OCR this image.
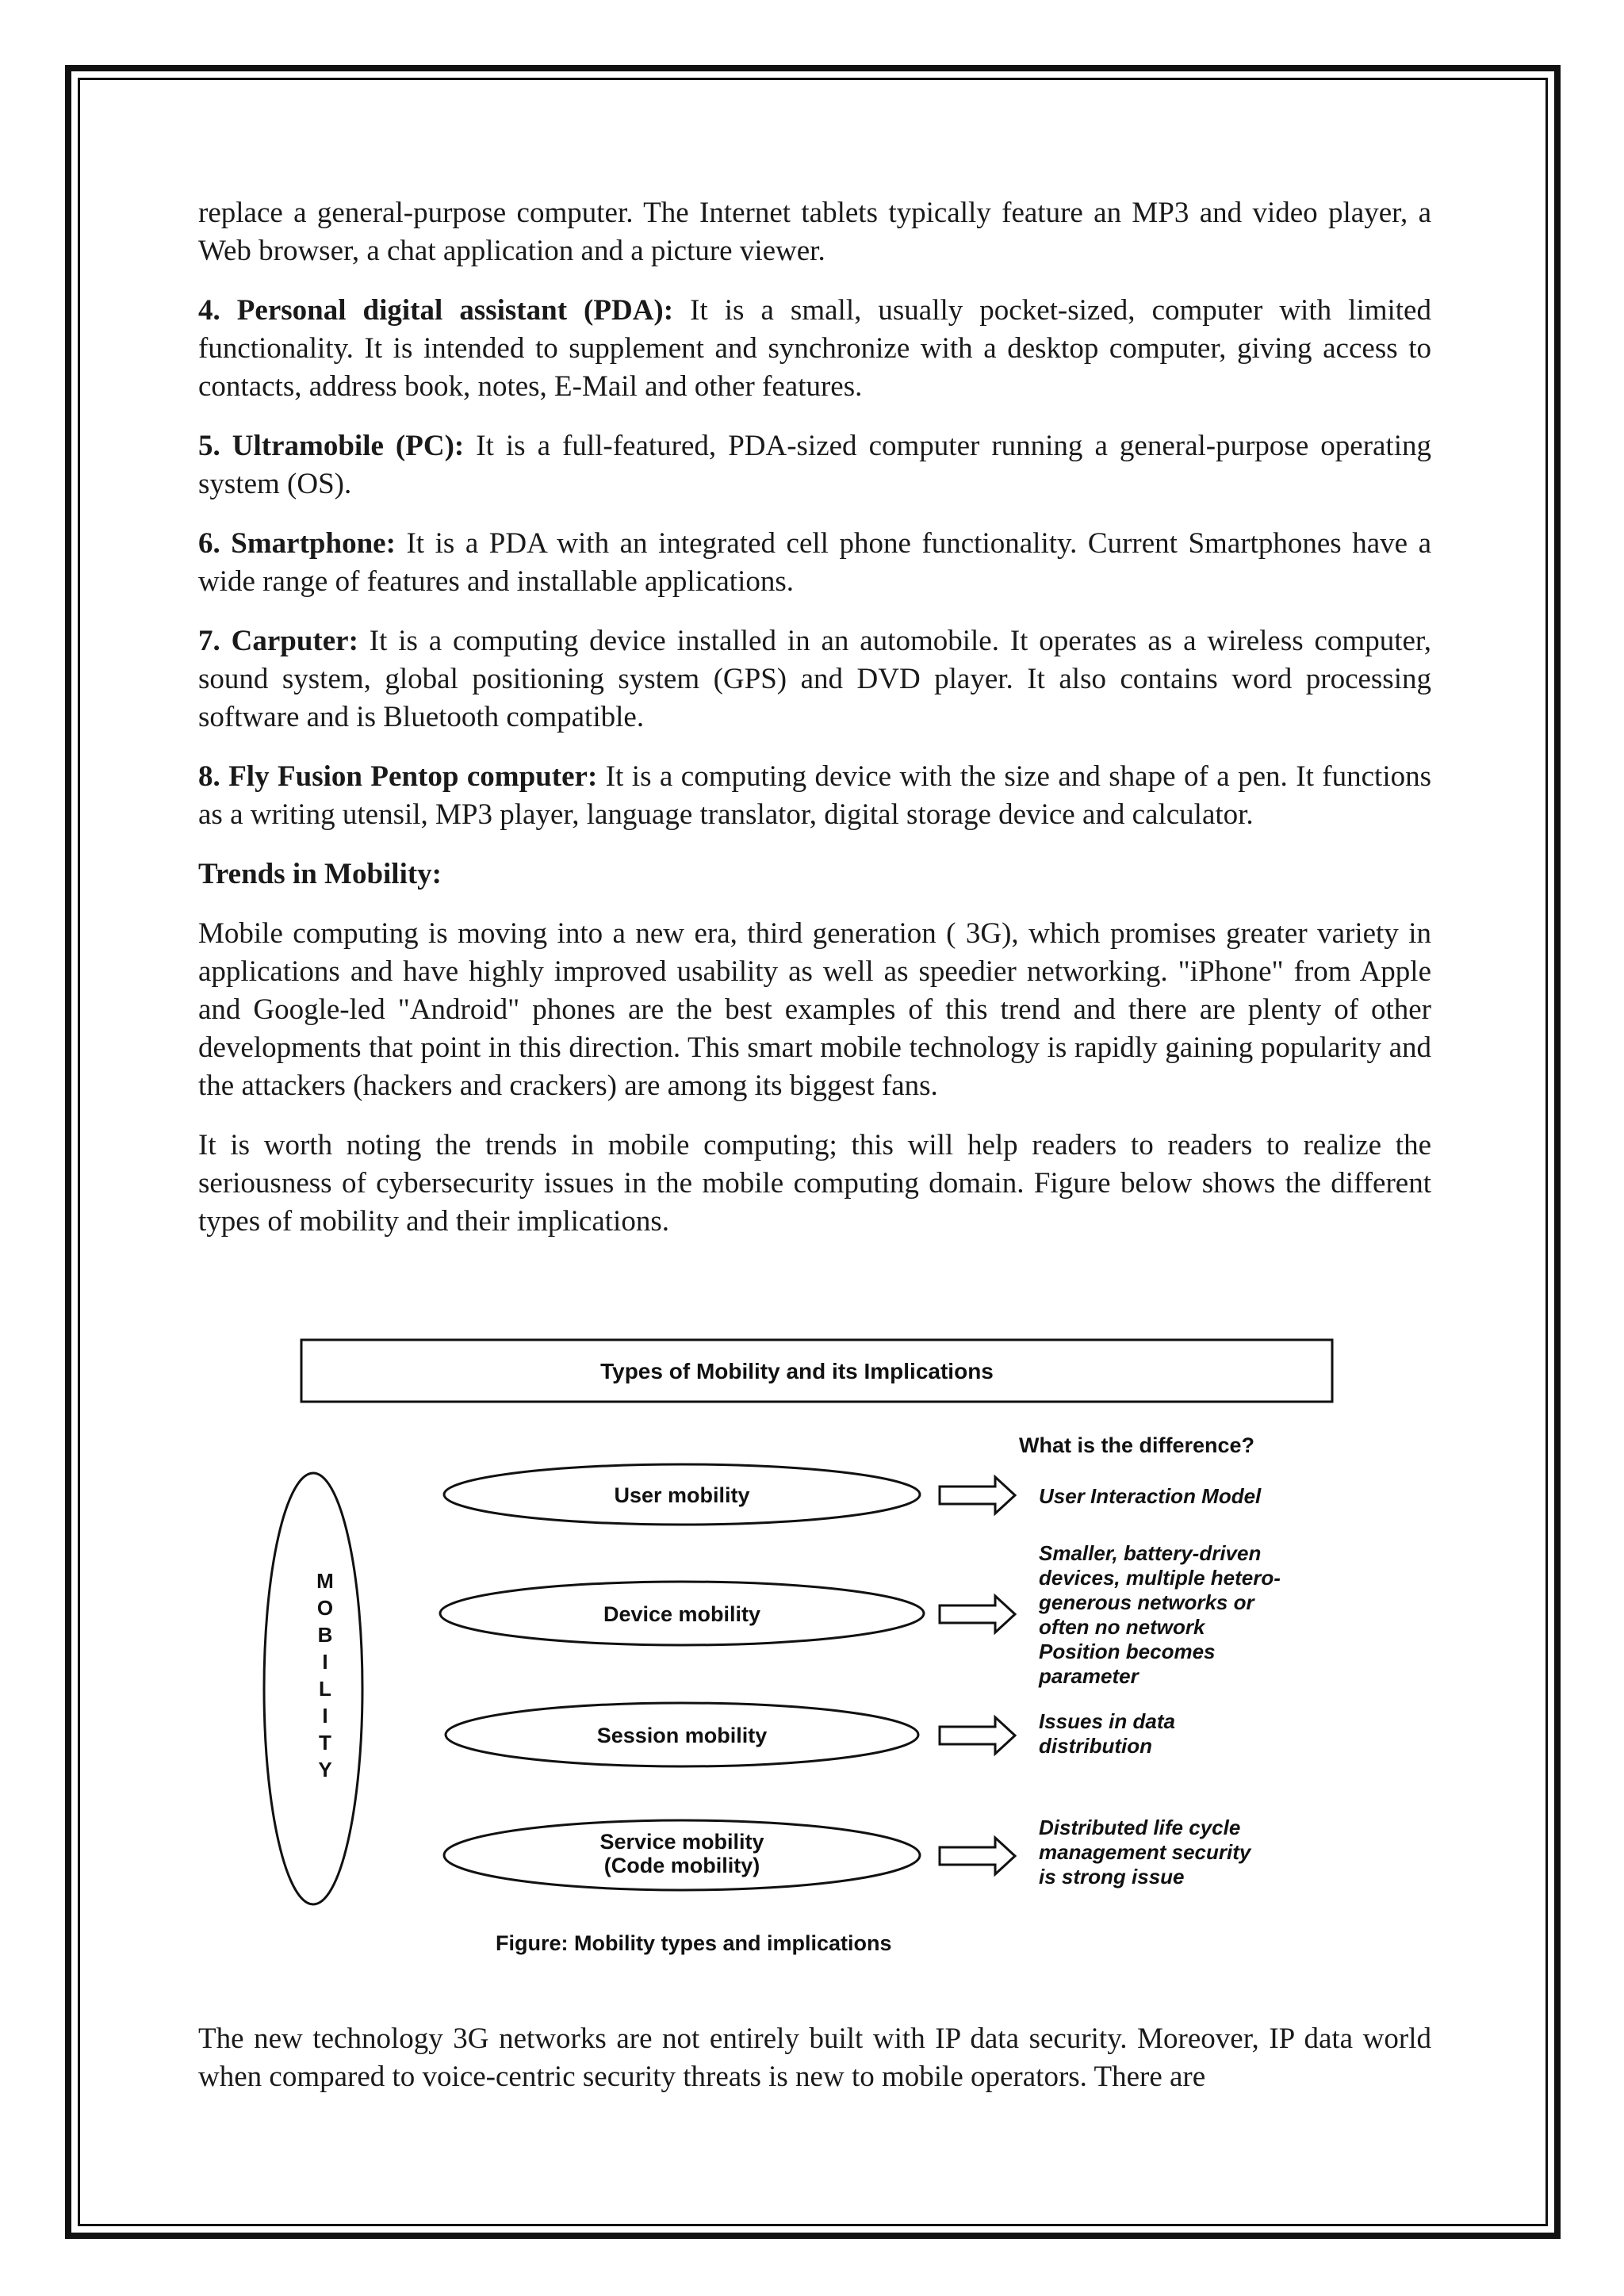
replace a general-purpose computer. The Internet tablets typically feature an MP3 and video player, a Web browser, a chat application and a picture viewer.

4. Personal digital assistant (PDA): It is a small, usually pocket-sized, computer with limited functionality. It is intended to supplement and synchronize with a desktop computer, giving access to contacts, address book, notes, E-Mail and other features.

5. Ultramobile (PC): It is a full-featured, PDA-sized computer running a general-purpose operating system (OS).

6. Smartphone: It is a PDA with an integrated cell phone functionality. Current Smartphones have a wide range of features and installable applications.

7. Carputer: It is a computing device installed in an automobile. It operates as a wireless computer, sound system, global positioning system (GPS) and DVD player. It also contains word processing software and is Bluetooth compatible.

8. Fly Fusion Pentop computer: It is a computing device with the size and shape of a pen. It functions as a writing utensil, MP3 player, language translator, digital storage device and calculator.

Trends in Mobility:

Mobile computing is moving into a new era, third generation ( 3G), which promises greater variety in applications and have highly improved usability as well as speedier networking. "iPhone" from Apple and Google-led "Android" phones are the best examples of this trend and there are plenty of other developments that point in this direction. This smart mobile technology is rapidly gaining popularity and the attackers (hackers and crackers) are among its biggest fans.

It is worth noting the trends in mobile computing; this will help readers to readers to realize the seriousness of cybersecurity issues in the mobile computing domain. Figure below shows the different types of mobility and their implications.

Types of Mobility and its Implications
What is the difference?
M
O
B
I
L
I
T
Y
User mobility	User Interaction Model
Device mobility
Smaller, battery-driven
devices, multiple hetero-
generous networks or
often no network
Position becomes
parameter
Session mobility
Issues in data
distribution
Service mobility
(Code mobility)
Distributed life cycle
management security
is strong issue
Figure: Mobility types and implications
The new technology 3G networks are not entirely built with IP data security. Moreover, IP data world when compared to voice-centric security threats is new to mobile operators. There are
